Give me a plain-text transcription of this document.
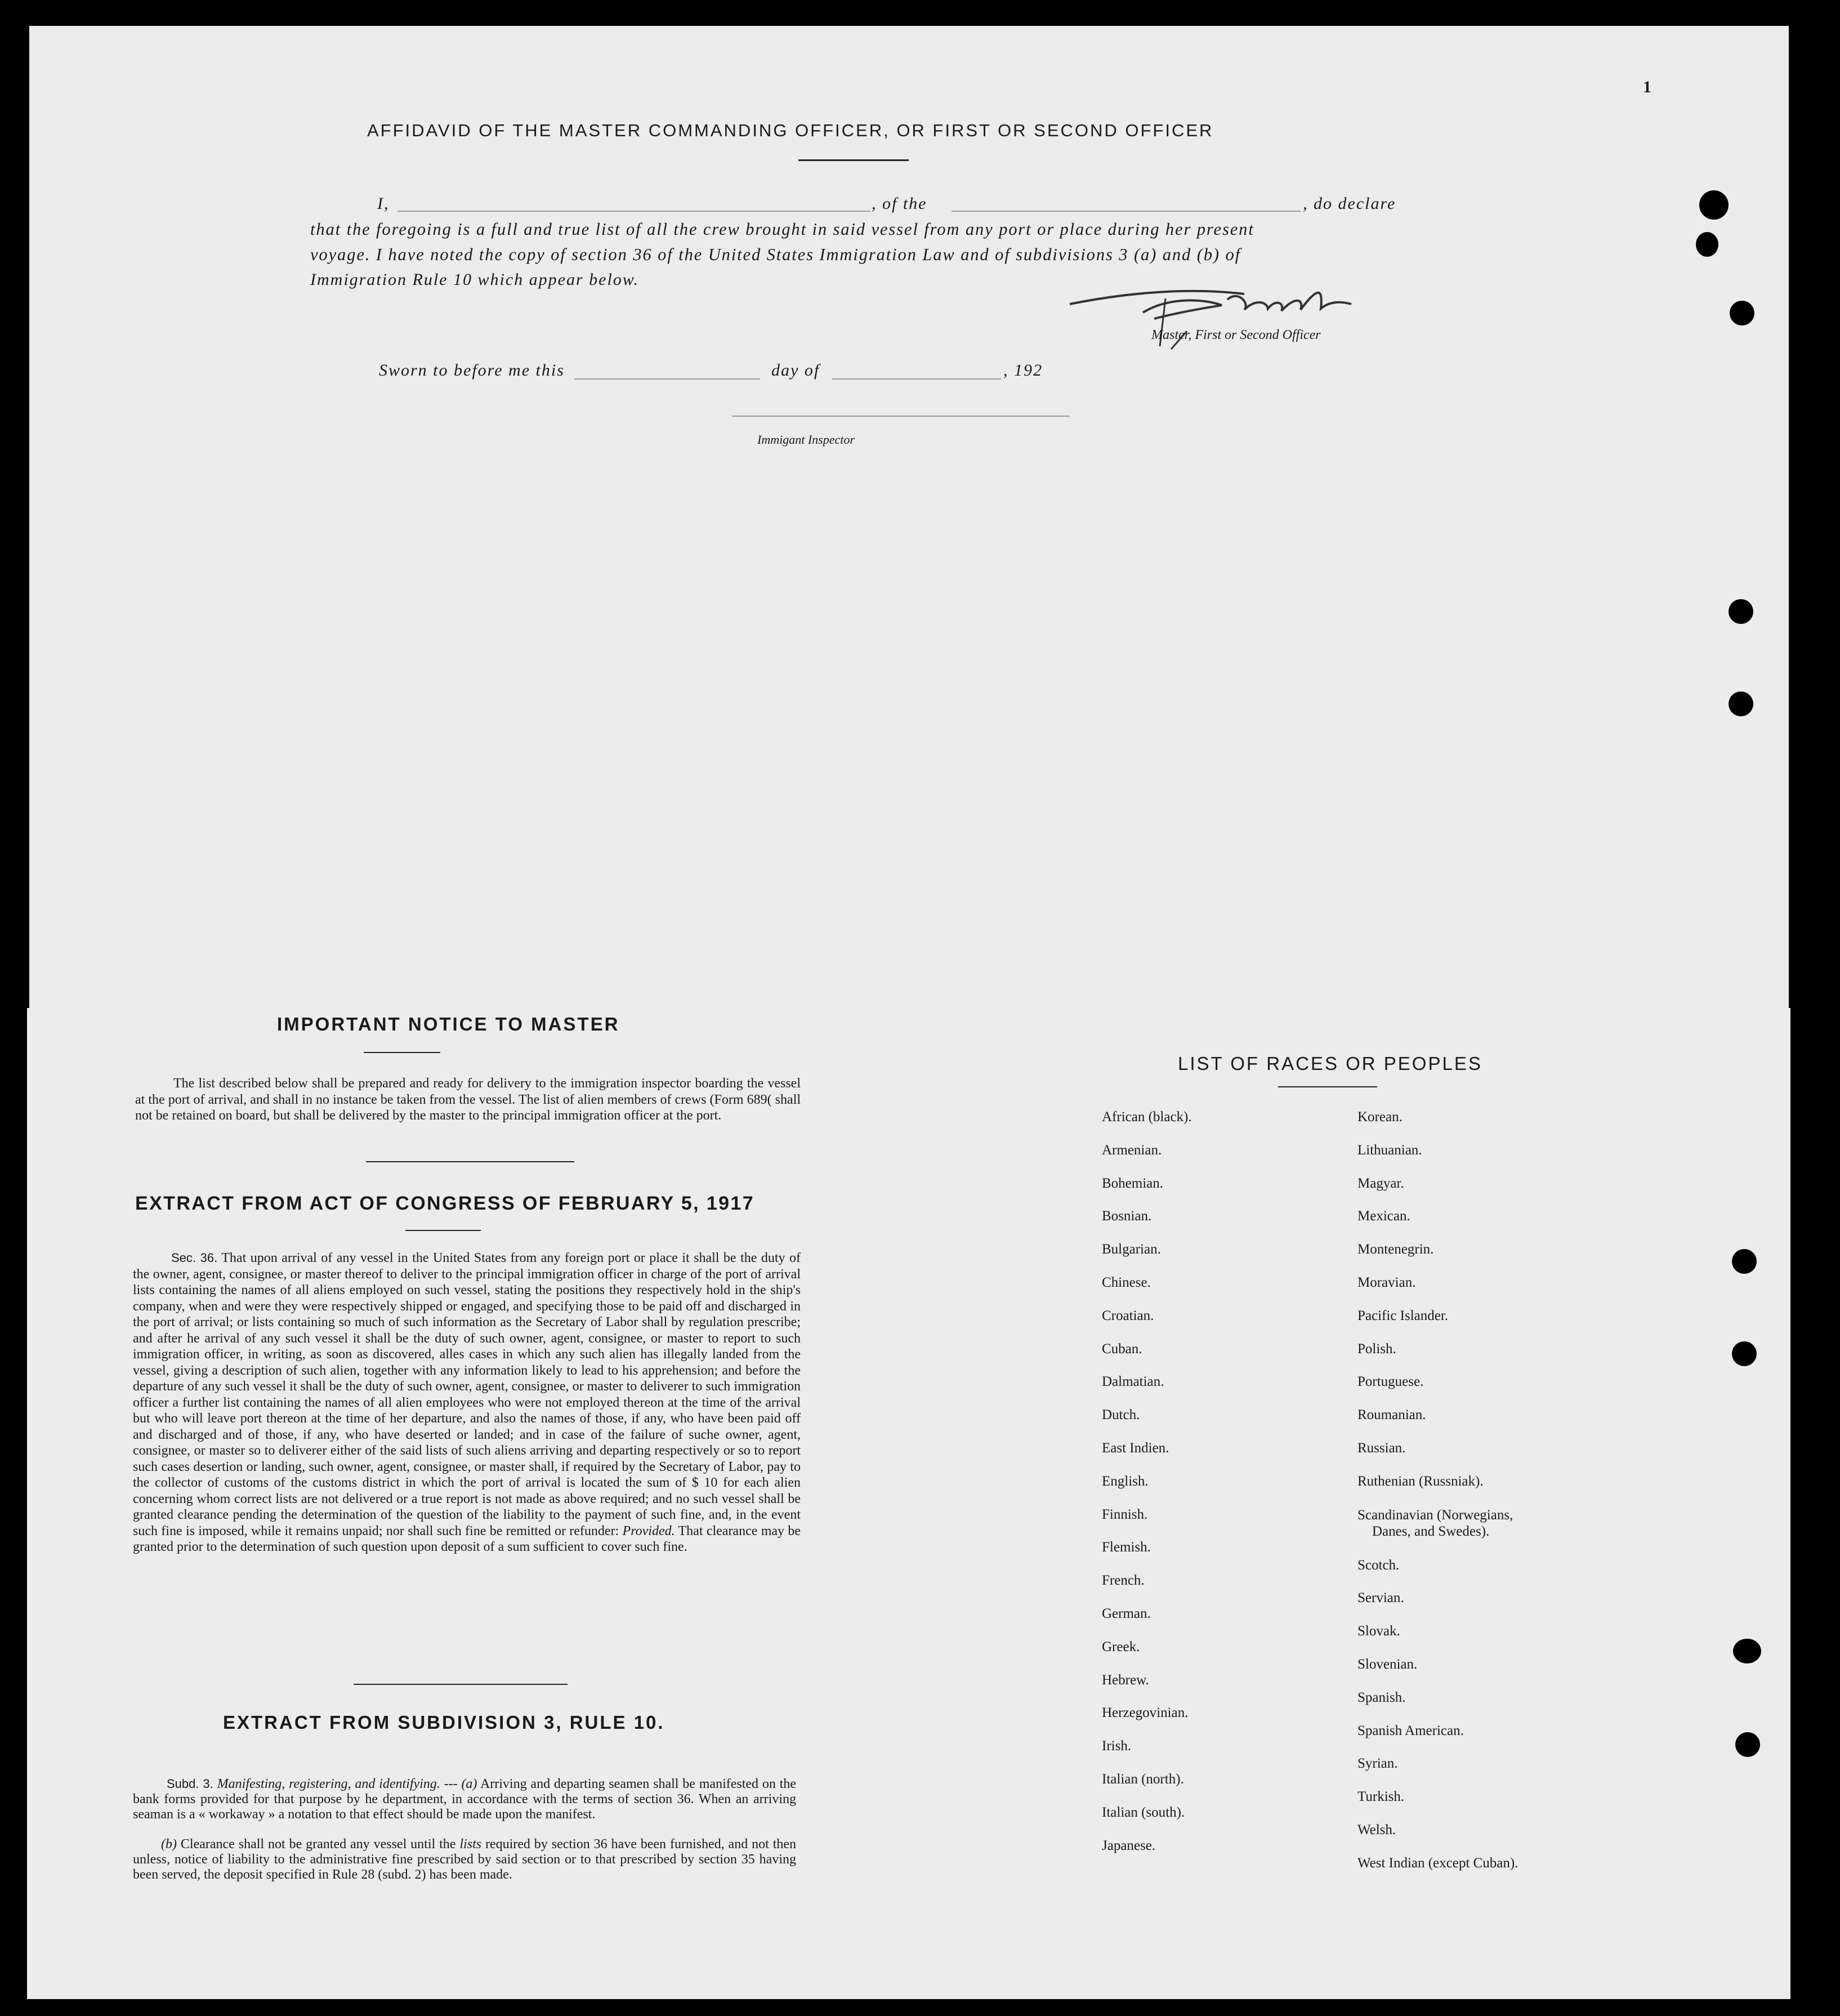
1
AFFIDAVID OF THE MASTER COMMANDING OFFICER, OR FIRST OR SECOND OFFICER
I,	, of the	, do declare
that the foregoing is a full and true list of all the crew brought in said vessel from any port or place during her present
voyage. I have noted the copy of section 36 of the United States Immigration Law and of subdivisions 3 (a) and (b) of
Immigration Rule 10 which appear below.
Master, First or Second Officer
Sworn to before me this	day of	, 192
Immigant Inspector
IMPORTANT NOTICE TO MASTER
The list described below shall be prepared and ready for delivery to the immigration inspector boarding the vessel at the port of arrival, and shall in no instance be taken from the vessel. The list of alien members of crews (Form 689( shall not be retained on board, but shall be delivered by the master to the principal immigration officer at the port.
EXTRACT FROM ACT OF CONGRESS OF FEBRUARY 5, 1917
Sec. 36. That upon arrival of any vessel in the United States from any foreign port or place it shall be the duty of the owner, agent, consignee, or master thereof to deliver to the principal immigration officer in charge of the port of arrival lists containing the names of all aliens employed on such vessel, stating the positions they respectively hold in the ship's company, when and were they were respectively shipped or engaged, and specifying those to be paid off and discharged in the port of arrival; or lists containing so much of such information as the Secretary of Labor shall by regulation prescribe; and after he arrival of any such vessel it shall be the duty of such owner, agent, consignee, or master to report to such immigration officer, in writing, as soon as discovered, alles cases in which any such alien has illegally landed from the vessel, giving a description of such alien, together with any information likely to lead to his apprehension; and before the departure of any such vessel it shall be the duty of such owner, agent, consignee, or master to deliverer to such immigration officer a further list containing the names of all alien employees who were not employed thereon at the time of the arrival but who will leave port thereon at the time of her departure, and also the names of those, if any, who have been paid off and discharged and of those, if any, who have deserted or landed; and in case of the failure of suche owner, agent, consignee, or master so to deliverer either of the said lists of such aliens arriving and departing respectively or so to report such cases desertion or landing, such owner, agent, consignee, or master shall, if required by the Secretary of Labor, pay to the collector of customs of the customs district in which the port of arrival is located the sum of $ 10 for each alien concerning whom correct lists are not delivered or a true report is not made as above required; and no such vessel shall be granted clearance pending the determination of the question of the liability to the payment of such fine, and, in the event such fine is imposed, while it remains unpaid; nor shall such fine be remitted or refunder: Provided. That clearance may be granted prior to the determination of such question upon deposit of a sum sufficient to cover such fine.
EXTRACT FROM SUBDIVISION 3, RULE 10.
Subd. 3. Manifesting, registering, and identifying. --- (a) Arriving and departing seamen shall be manifested on the bank forms provided for that purpose by he department, in accordance with the terms of section 36. When an arriving seaman is a « workaway » a notation to that effect should be made upon the manifest.
(b) Clearance shall not be granted any vessel until the lists required by section 36 have been furnished, and not then unless, notice of liability to the administrative fine prescribed by said section or to that prescribed by section 35 having been served, the deposit specified in Rule 28 (subd. 2) has been made.
LIST OF RACES OR PEOPLES
African (black).
Armenian.
Bohemian.
Bosnian.
Bulgarian.
Chinese.
Croatian.
Cuban.
Dalmatian.
Dutch.
East Indien.
English.
Finnish.
Flemish.
French.
German.
Greek.
Hebrew.
Herzegovinian.
Irish.
Italian (north).
Italian (south).
Japanese.
Korean.
Lithuanian.
Magyar.
Mexican.
Montenegrin.
Moravian.
Pacific Islander.
Polish.
Portuguese.
Roumanian.
Russian.
Ruthenian (Russniak).
Scandinavian (Norwegians,
Danes, and Swedes).
Scotch.
Servian.
Slovak.
Slovenian.
Spanish.
Spanish American.
Syrian.
Turkish.
Welsh.
West Indian (except Cuban).
